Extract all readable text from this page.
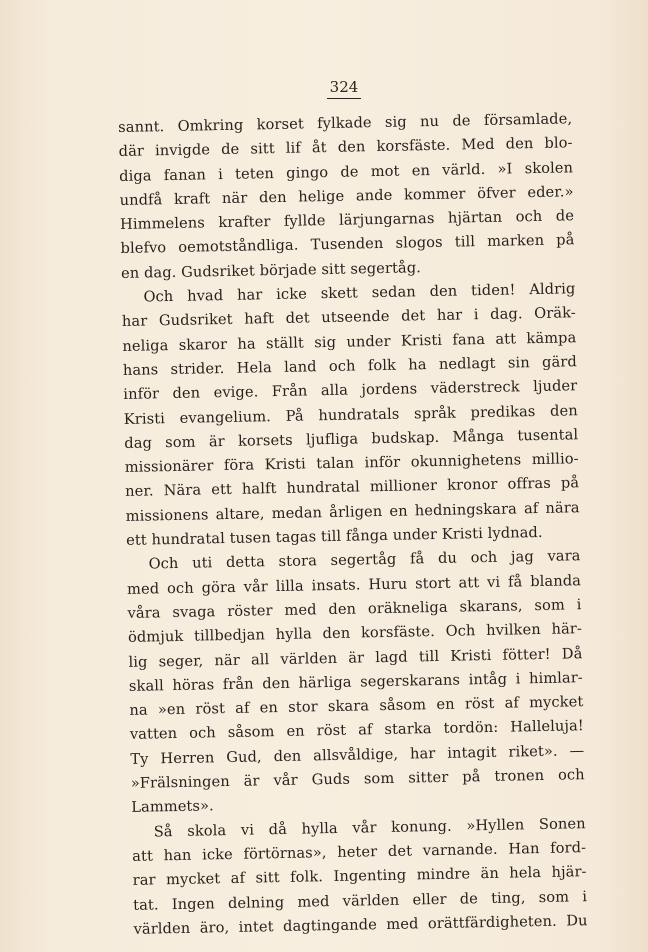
324
sannt. Omkring korset fylkade sig nu de församlade,
där invigde de sitt lif åt den korsfäste. Med den blo-
diga fanan i teten gingo de mot en värld. »I skolen
undfå kraft när den helige ande kommer öfver eder.»
Himmelens krafter fyllde lärjungarnas hjärtan och de
blefvo oemotståndliga. Tusenden slogos till marken på
en dag. Gudsriket började sitt segertåg.
Och hvad har icke skett sedan den tiden! Aldrig
har Gudsriket haft det utseende det har i dag. Oräk-
neliga skaror ha ställt sig under Kristi fana att kämpa
hans strider. Hela land och folk ha nedlagt sin gärd
inför den evige. Från alla jordens väderstreck ljuder
Kristi evangelium. På hundratals språk predikas den
dag som är korsets ljufliga budskap. Många tusental
missionärer föra Kristi talan inför okunnighetens millio-
ner. Nära ett halft hundratal millioner kronor offras på
missionens altare, medan årligen en hedningskara af nära
ett hundratal tusen tagas till fånga under Kristi lydnad.
Och uti detta stora segertåg få du och jag vara
med och göra vår lilla insats. Huru stort att vi få blanda
våra svaga röster med den oräkneliga skarans, som i
ödmjuk tillbedjan hylla den korsfäste. Och hvilken här-
lig seger, när all världen är lagd till Kristi fötter! Då
skall höras från den härliga segerskarans intåg i himlar-
na »en röst af en stor skara såsom en röst af mycket
vatten och såsom en röst af starka tordön: Halleluja!
Ty Herren Gud, den allsvåldige, har intagit riket». —
»Frälsningen är vår Guds som sitter på tronen och
Lammets».
Så skola vi då hylla vår konung. »Hyllen Sonen
att han icke förtörnas», heter det varnande. Han ford-
rar mycket af sitt folk. Ingenting mindre än hela hjär-
tat. Ingen delning med världen eller de ting, som i
världen äro, intet dagtingande med orättfärdigheten. Du
